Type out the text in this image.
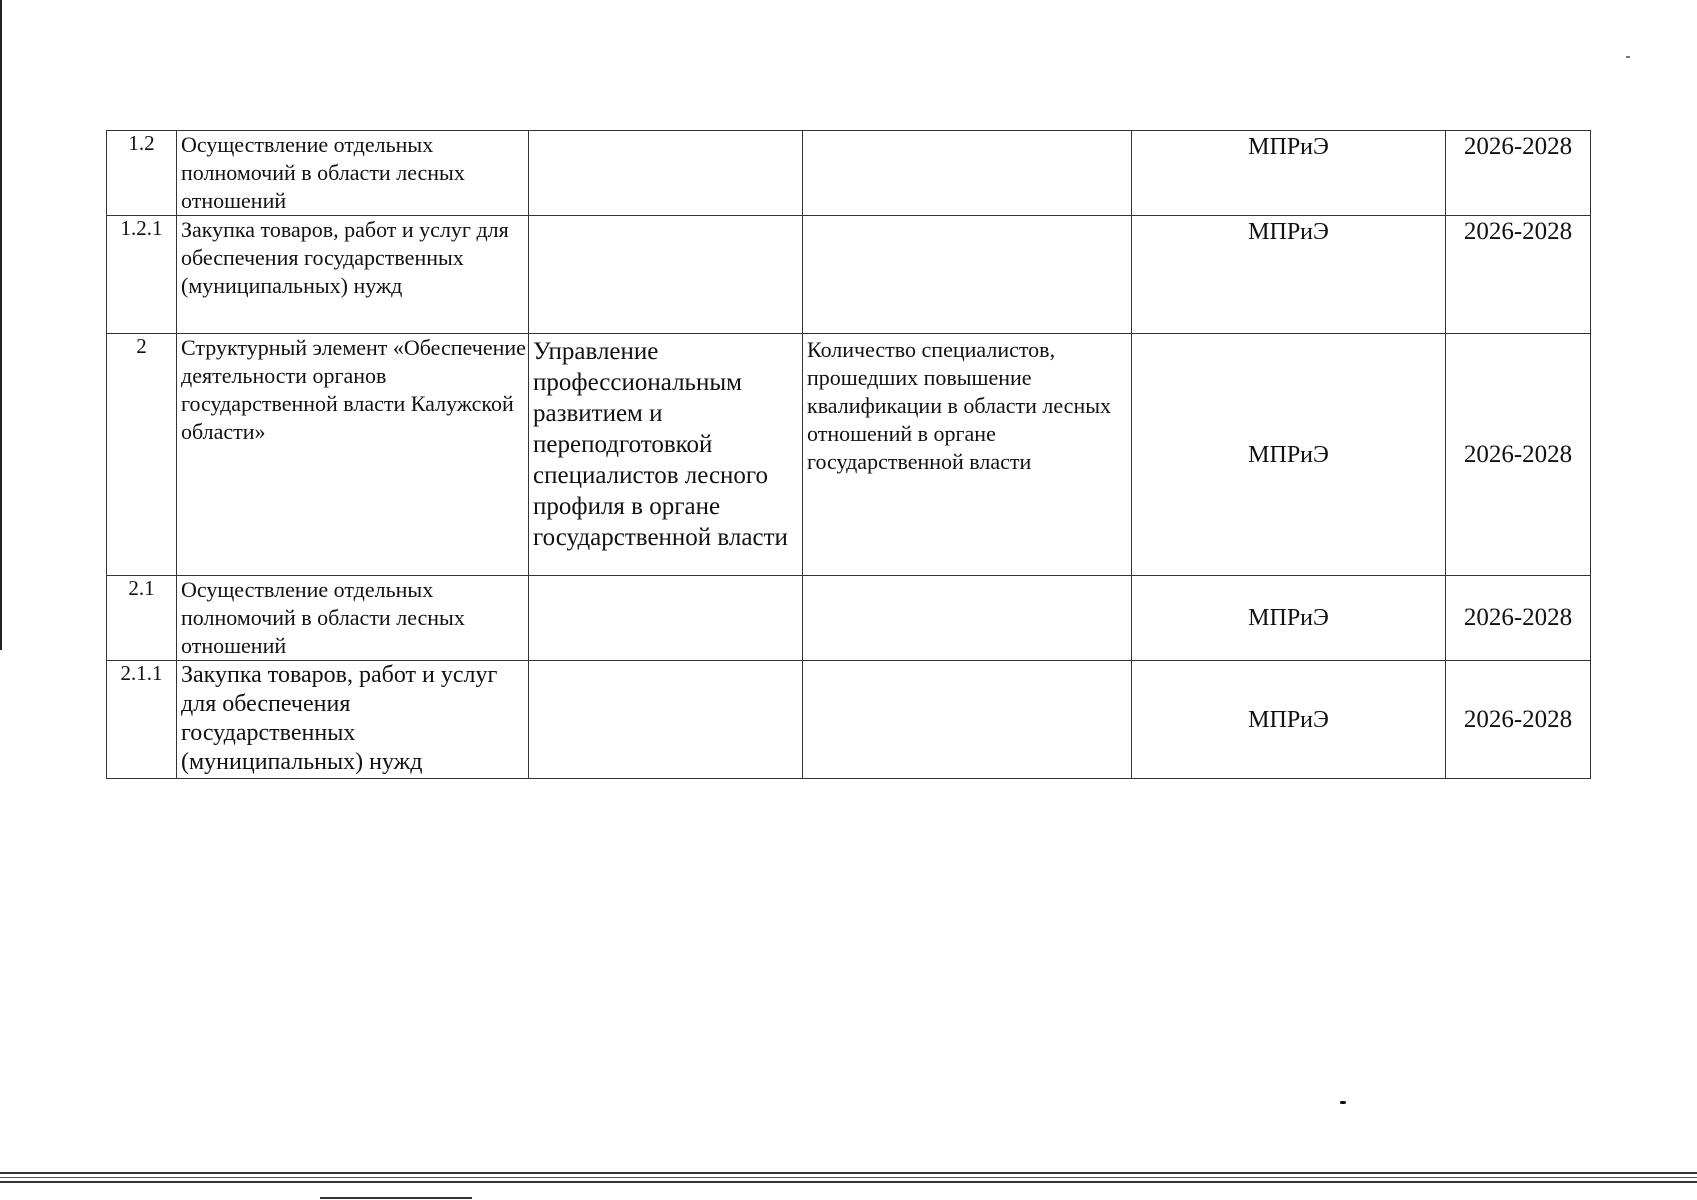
1.2	Осуществление отдельных полномочий в области лесных отношений			МПРиЭ	2026-2028
1.2.1	Закупка товаров, работ и услуг для обеспечения государственных (муниципальных) нужд			МПРиЭ	2026-2028
2	Структурный элемент «Обеспечение деятельности органов государственной власти Калужской области»	Управление профессиональным развитием и переподготовкой специалистов лесного профиля в органе государственной власти	Количество специалистов, прошедших повышение квалификации в области лесных отношений в органе государственной власти	МПРиЭ	2026-2028
2.1	Осуществление отдельных полномочий в области лесных отношений			МПРиЭ	2026-2028
2.1.1	Закупка товаров, работ и услуг для обеспечения государственных (муниципальных) нужд			МПРиЭ	2026-2028
